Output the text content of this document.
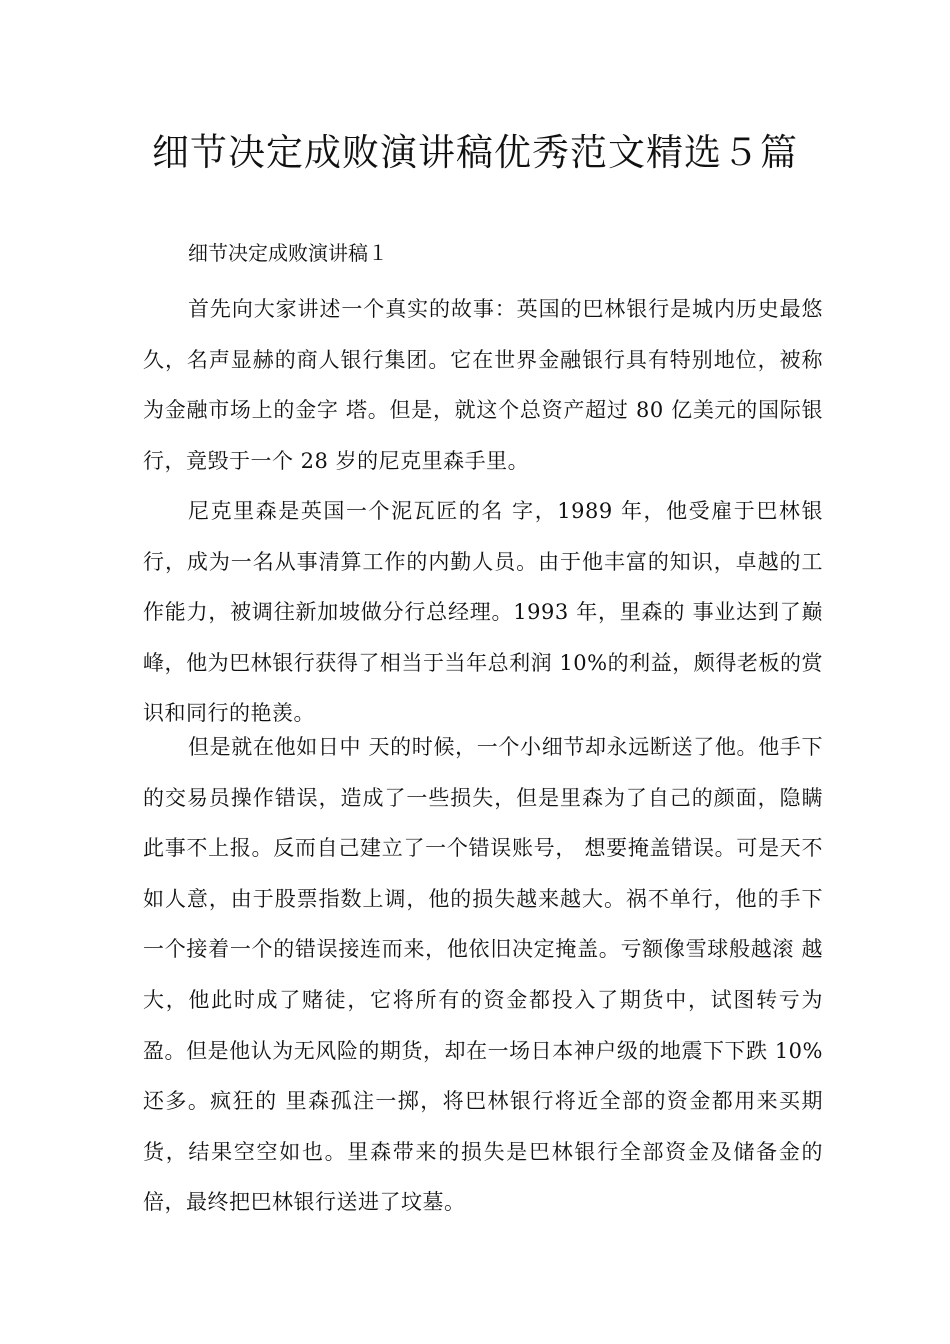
细节决定成败演讲稿优秀范文精选５篇

细节决定成败演讲稿１

首先向大家讲述一个真实的故事：英国的巴林银行是城内历史最悠久，名声显赫的商人银行集团。它在世界金融银行具有特别地位，被称为金融市场上的金字 塔。但是，就这个总资产超过 80 亿美元的国际银行，竟毁于一个 28 岁的尼克里森手里。

尼克里森是英国一个泥瓦匠的名 字，1989 年，他受雇于巴林银行，成为一名从事清算工作的内勤人员。由于他丰富的知识，卓越的工作能力，被调往新加坡做分行总经理。1993 年，里森的 事业达到了巅峰，他为巴林银行获得了相当于当年总利润 10%的利益，颇得老板的赏识和同行的艳羡。

但是就在他如日中 天的时候，一个小细节却永远断送了他。他手下的交易员操作错误，造成了一些损失，但是里森为了自己的颜面，隐瞒此事不上报。反而自己建立了一个错误账号， 想要掩盖错误。可是天不如人意，由于股票指数上调，他的损失越来越大。祸不单行，他的手下一个接着一个的错误接连而来，他依旧决定掩盖。亏额像雪球般越滚 越大，他此时成了赌徒，它将所有的资金都投入了期货中，试图转亏为盈。但是他认为无风险的期货，却在一场日本神户级的地震下下跌 10%还多。疯狂的 里森孤注一掷，将巴林银行将近全部的资金都用来买期货，结果空空如也。里森带来的损失是巴林银行全部资金及储备金的倍，最终把巴林银行送进了坟墓。
